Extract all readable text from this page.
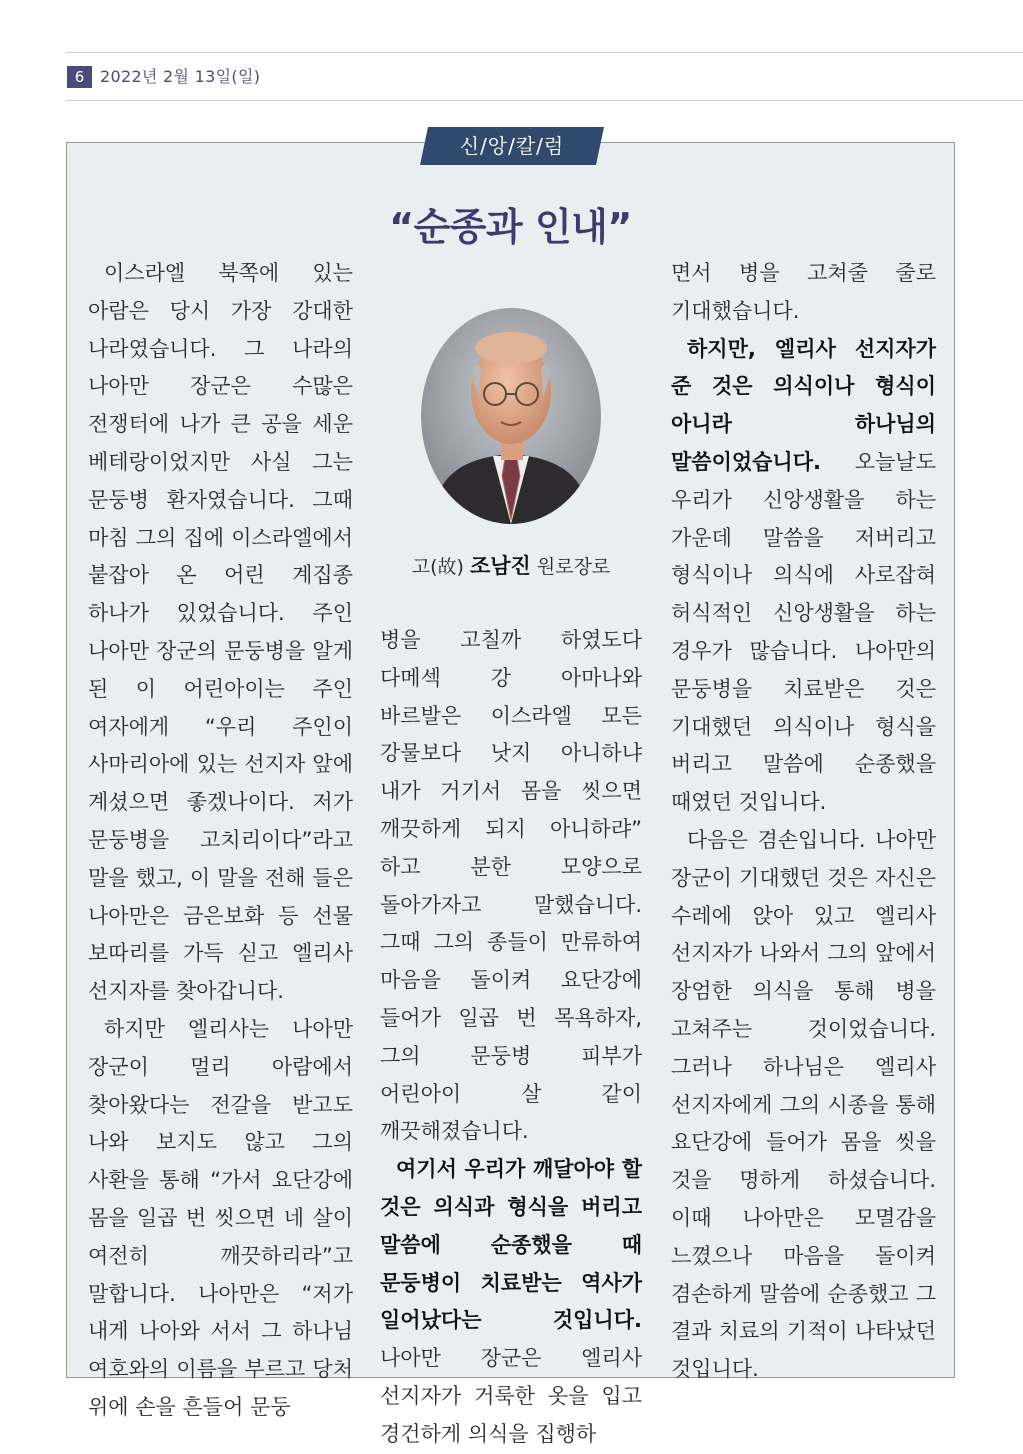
6 2022년 2월 13일(일)
신/앙/칼/럼
“순종과 인내”

이스라엘 북쪽에 있는 아람은 당시 가장 강대한 나라였습니다. 그 나라의 나아만 장군은 수많은 전쟁터에 나가 큰 공을 세운 베테랑이었지만 사실 그는 문둥병 환자였습니다. 그때 마침 그의 집에 이스라엘에서 붙잡아 온 어린 계집종 하나가 있었습니다. 주인 나아만 장군의 문둥병을 알게 된 이 어린아이는 주인 여자에게 “우리 주인이 사마리아에 있는 선지자 앞에 계셨으면 좋겠나이다. 저가 문둥병을 고치리이다”라고 말을 했고, 이 말을 전해 들은 나아만은 금은보화 등 선물 보따리를 가득 싣고 엘리사 선지자를 찾아갑니다.

하지만 엘리사는 나아만 장군이 멀리 아람에서 찾아왔다는 전갈을 받고도 나와 보지도 않고 그의 사환을 통해 “가서 요단강에 몸을 일곱 번 씻으면 네 살이 여전히 깨끗하리라”고 말합니다. 나아만은 “저가 내게 나아와 서서 그 하나님 여호와의 이름을 부르고 당처 위에 손을 흔들어 문둥

고(故) 조남진 원로장로

병을 고칠까 하였도다 다메섹 강 아마나와 바르발은 이스라엘 모든 강물보다 낫지 아니하냐 내가 거기서 몸을 씻으면 깨끗하게 되지 아니하랴” 하고 분한 모양으로 돌아가자고 말했습니다. 그때 그의 종들이 만류하여 마음을 돌이켜 요단강에 들어가 일곱 번 목욕하자, 그의 문둥병 피부가 어린아이 살 같이 깨끗해졌습니다.

여기서 우리가 깨달아야 할 것은 의식과 형식을 버리고 말씀에 순종했을 때 문둥병이 치료받는 역사가 일어났다는 것입니다. 나아만 장군은 엘리사 선지자가 거룩한 옷을 입고 경건하게 의식을 집행하

면서 병을 고쳐줄 줄로 기대했습니다.

하지만, 엘리사 선지자가 준 것은 의식이나 형식이 아니라 하나님의 말씀이었습니다. 오늘날도 우리가 신앙생활을 하는 가운데 말씀을 저버리고 형식이나 의식에 사로잡혀 허식적인 신앙생활을 하는 경우가 많습니다. 나아만의 문둥병을 치료받은 것은 기대했던 의식이나 형식을 버리고 말씀에 순종했을 때였던 것입니다.

다음은 겸손입니다. 나아만 장군이 기대했던 것은 자신은 수레에 앉아 있고 엘리사 선지자가 나와서 그의 앞에서 장엄한 의식을 통해 병을 고쳐주는 것이었습니다. 그러나 하나님은 엘리사 선지자에게 그의 시종을 통해 요단강에 들어가 몸을 씻을 것을 명하게 하셨습니다. 이때 나아만은 모멸감을 느꼈으나 마음을 돌이켜 겸손하게 말씀에 순종했고 그 결과 치료의 기적이 나타났던 것입니다.
